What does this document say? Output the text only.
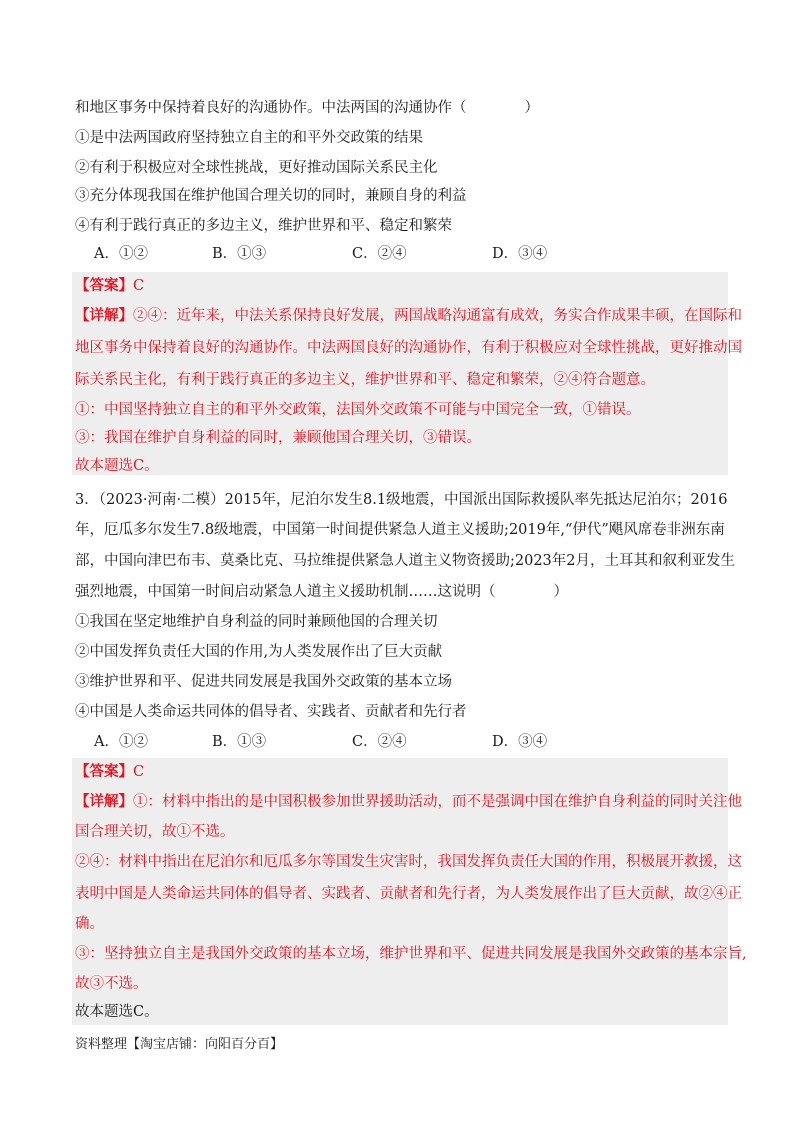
和地区事务中保持着良好的沟通协作。中法两国的沟通协作（　　　　）
①是中法两国政府坚持独立自主的和平外交政策的结果
②有利于积极应对全球性挑战，更好推动国际关系民主化
③充分体现我国在维护他国合理关切的同时，兼顾自身的利益
④有利于践行真正的多边主义，维护世界和平、稳定和繁荣
A．①②	B．①③	C．②④	D．③④
【答案】C
【详解】②④：近年来，中法关系保持良好发展，两国战略沟通富有成效，务实合作成果丰硕，在国际和
地区事务中保持着良好的沟通协作。中法两国良好的沟通协作，有利于积极应对全球性挑战，更好推动国
际关系民主化，有利于践行真正的多边主义，维护世界和平、稳定和繁荣，②④符合题意。
①：中国坚持独立自主的和平外交政策，法国外交政策不可能与中国完全一致，①错误。
③：我国在维护自身利益的同时，兼顾他国合理关切，③错误。
故本题选C。
3．（2023·河南·二模）2015年，尼泊尔发生8.1级地震，中国派出国际救援队率先抵达尼泊尔；2016
年，厄瓜多尔发生7.8级地震，中国第一时间提供紧急人道主义援助;2019年,“伊代”飓风席卷非洲东南
部，中国向津巴布韦、莫桑比克、马拉维提供紧急人道主义物资援助;2023年2月，土耳其和叙利亚发生
强烈地震，中国第一时间启动紧急人道主义援助机制……这说明（　　　　）
①我国在坚定地维护自身利益的同时兼顾他国的合理关切
②中国发挥负责任大国的作用,为人类发展作出了巨大贡献
③维护世界和平、促进共同发展是我国外交政策的基本立场
④中国是人类命运共同体的倡导者、实践者、贡献者和先行者
A．①②	B．①③	C．②④	D．③④
【答案】C
【详解】①：材料中指出的是中国积极参加世界援助活动，而不是强调中国在维护自身利益的同时关注他
国合理关切，故①不选。
②④：材料中指出在尼泊尔和厄瓜多尔等国发生灾害时，我国发挥负责任大国的作用，积极展开救援，这
表明中国是人类命运共同体的倡导者、实践者、贡献者和先行者，为人类发展作出了巨大贡献，故②④正
确。
③：坚持独立自主是我国外交政策的基本立场，维护世界和平、促进共同发展是我国外交政策的基本宗旨,
故③不选。
故本题选C。
资料整理【淘宝店铺：向阳百分百】
